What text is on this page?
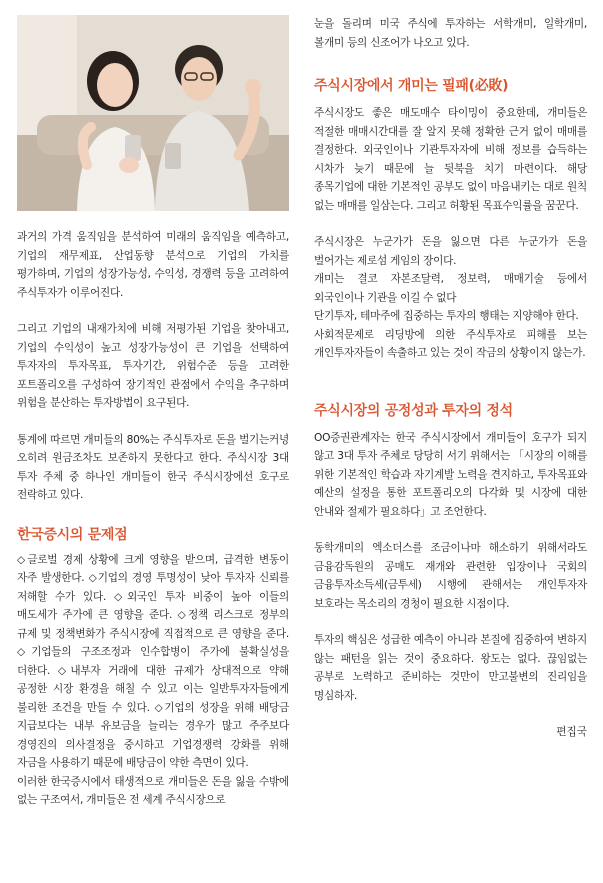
과거의 가격 움직임을 분석하여 미래의 움직임을 예측하고, 기업의 재무제표, 산업동향 분석으로 기업의 가치를 평가하며, 기업의 성장가능성, 수익성, 경쟁력 등을 고려하여 주식투자가 이루어진다.

그리고 기업의 내재가치에 비해 저평가된 기업을 찾아내고, 기업의 수익성이 높고 성장가능성이 큰 기업을 선택하여 투자자의 투자목표, 투자기간, 위험수준 등을 고려한 포트폴리오를 구성하여 장기적인 관점에서 수익을 추구하며 위험을 분산하는 투자방법이 요구된다.

통계에 따르면 개미들의 80%는 주식투자로 돈을 벌기는커녕 오히려 원금조차도 보존하지 못한다고 한다. 주식시장 3대 투자 주체 중 하나인 개미들이 한국 주식시장에선 호구로 전락하고 있다.

한국증시의 문제점

◇글로벌 경제 상황에 크게 영향을 받으며, 급격한 변동이 자주 발생한다. ◇기업의 경영 투명성이 낮아 투자자 신뢰를 저해할 수가 있다. ◇외국인 투자 비중이 높아 이들의 매도세가 주가에 큰 영향을 준다. ◇정책 리스크로 정부의 규제 및 정책변화가 주식시장에 직접적으로 큰 영향을 준다. ◇기업들의 구조조정과 인수합병이 주가에 불확실성을 더한다. ◇내부자 거래에 대한 규제가 상대적으로 약해 공정한 시장 환경을 해칠 수 있고 이는 일반투자자들에게 불리한 조건을 만들 수 있다. ◇기업의 성장을 위해 배당금 지급보다는 내부 유보금을 늘리는 경우가 많고 주주보다 경영진의 의사결정을 중시하고 기업경쟁력 강화를 위해 자금을 사용하기 때문에 배당금이 약한 측면이 있다.

이러한 한국증시에서 태생적으로 개미들은 돈을 잃을 수밖에 없는 구조여서, 개미들은 전 세계 주식시장으로

눈을 돌리며 미국 주식에 투자하는 서학개미, 일학개미, 볼개미 등의 신조어가 나오고 있다.

주식시장에서 개미는 필패(必敗)

주식시장도 좋은 매도매수 타이밍이 중요한데, 개미들은 적절한 매매시간대를 잘 알지 못해 정확한 근거 없이 매매를 결정한다. 외국인이나 기관투자자에 비해 정보를 습득하는 시차가 늦기 때문에 늘 뒷북을 치기 마련이다. 해당 종목기업에 대한 기본적인 공부도 없이 마음내키는 대로 원칙 없는 매매를 일삼는다. 그리고 허황된 목표수익률을 꿈꾼다.

주식시장은 누군가가 돈을 잃으면 다른 누군가가 돈을 벌어가는 제로섬 게임의 장이다.

개미는 결코 자본조달력, 정보력, 매매기술 등에서 외국인이나 기관을 이길 수 없다

단기투자, 테마주에 집중하는 투자의 행태는 지양해야 한다.

사회적문제로 리딩방에 의한 주식투자로 피해를 보는 개인투자자들이 속출하고 있는 것이 작금의 상황이지 않는가.

주식시장의 공정성과 투자의 정석

OO증권관계자는 한국 주식시장에서 개미들이 호구가 되지 않고 3대 투자 주체로 당당히 서기 위해서는 「시장의 이해를 위한 기본적인 학습과 자기계발 노력을 견지하고, 투자목표와 예산의 설정을 통한 포트폴리오의 다각화 및 시장에 대한 안내와 절제가 필요하다」고 조언한다.

동학개미의 엑소더스를 조금이나마 해소하기 위해서라도 금융감독원의 공매도 재개와 관련한 입장이나 국회의 금융투자소득세(금투세) 시행에 관해서는 개인투자자 보호라는 목소리의 경청이 필요한 시점이다.

투자의 핵심은 성급한 예측이 아니라 본질에 집중하여 변하지 않는 패턴을 읽는 것이 중요하다. 왕도는 없다. 끊임없는 공부로 노력하고 준비하는 것만이 만고불변의 진리임을 명심하자.

편집국
